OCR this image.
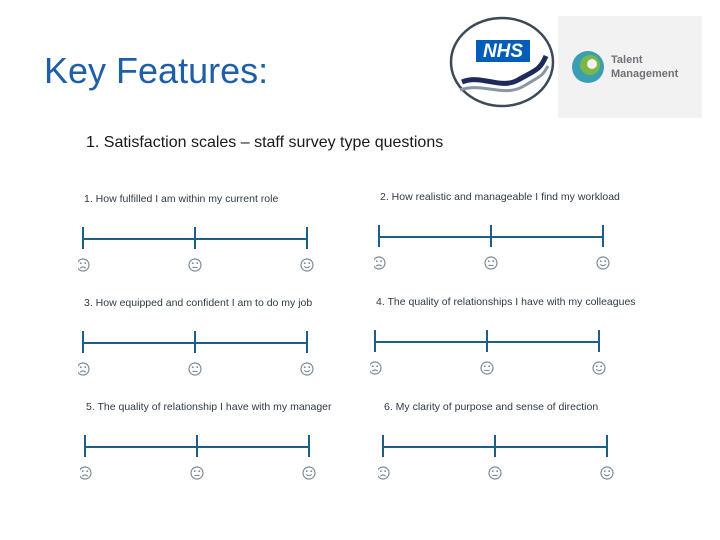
Key Features:
1. Satisfaction scales – staff survey type questions
NHS	Talent
Management
1. How fulfilled I am within my current role	2. How realistic and manageable I find my workload
3. How equipped and confident I am to do my job	4. The quality of relationships I have with my colleagues
5. The quality of relationship I have with my manager	6. My clarity of purpose and sense of direction
